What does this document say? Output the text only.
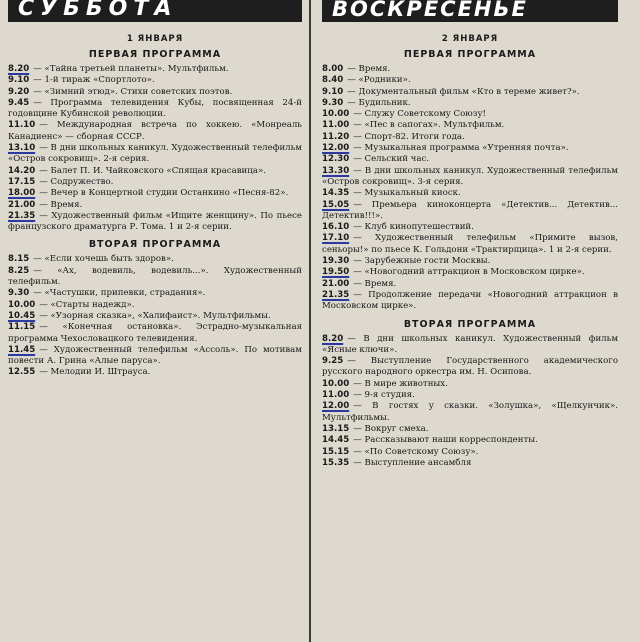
СУББОТА
1 ЯНВАРЯ
ПЕРВАЯ ПРОГРАММА

8.20 — «Тайна третьей планеты». Мультфильм.

9.10 — 1-й тираж «Спортлото».

9.20 — «Зимний этюд». Стихи советских поэтов.

9.45 — Программа телевидения Кубы, посвященная 24-й годовщине Кубинской революции.

11.10 — Международная встреча по хоккею. «Монреаль Канадиенс» — сборная СССР.

13.10 — В дни школьных каникул. Художественный телефильм «Остров сокровищ». 2-я серия.

14.20 — Балет П. И. Чайковского «Спящая красавица».

17.15 — Содружество.

18.00 — Вечер в Концертной студии Останкино «Песня-82».

21.00 — Время.

21.35 — Художественный фильм «Ищите женщину». По пьесе французского драматурга Р. Тома. 1 и 2-я серии.

ВТОРАЯ ПРОГРАММА

8.15 — «Если хочешь быть здоров».

8.25 — «Ах, водевиль, водевиль...». Художественный телефильм.

9.30 — «Частушки, припевки, страдания».

10.00 — «Старты надежд».

10.45 — «Узорная сказка», «Халифаист». Мультфильмы.

11.15 — «Конечная остановка». Эстрадно-музыкальная программа Чехословацкого телевидения.

11.45 — Художественный телефильм «Ассоль». По мотивам повести А. Грина «Алые паруса».

12.55 — Мелодии И. Штрауса.

ВОСКРЕСЕНЬЕ
2 ЯНВАРЯ
ПЕРВАЯ ПРОГРАММА

8.00 — Время.

8.40 — «Родники».

9.10 — Документальный фильм «Кто в тереме живет?».

9.30 — Будильник.

10.00 — Служу Советскому Союзу!

11.00 — «Пес в сапогах». Мультфильм.

11.20 — Спорт-82. Итоги года.

12.00 — Музыкальная программа «Утренняя почта».

12.30 — Сельский час.

13.30 — В дни школьных каникул. Художественный телефильм «Остров сокровищ». 3-я серия.

14.35 — Музыкальный киоск.

15.05 — Премьера киноконцерта «Детектив... Детектив... Детектив!!!».

16.10 — Клуб кинопутешествий.

17.10 — Художественный телефильм «Примите вызов, сеньоры!» по пьесе К. Гольдони «Трактирщица». 1 и 2-я серии.

19.30 — Зарубежные гости Москвы.

19.50 — «Новогодний аттракцион в Московском цирке».

21.00 — Время.

21.35 — Продолжение передачи «Новогодний аттракцион в Московском цирке».

ВТОРАЯ ПРОГРАММА

8.20 — В дни школьных каникул. Художественный фильм «Ясные ключи».

9.25 — Выступление Государственного академического русского народного оркестра им. Н. Осипова.

10.00 — В мире животных.

11.00 — 9-я студия.

12.00 — В гостях у сказки. «Золушка», «Щелкунчик». Мультфильмы.

13.15 — Вокруг смеха.

14.45 — Рассказывают наши корреспонденты.

15.15 — «По Советскому Союзу».

15.35 — Выступление ансамбля
